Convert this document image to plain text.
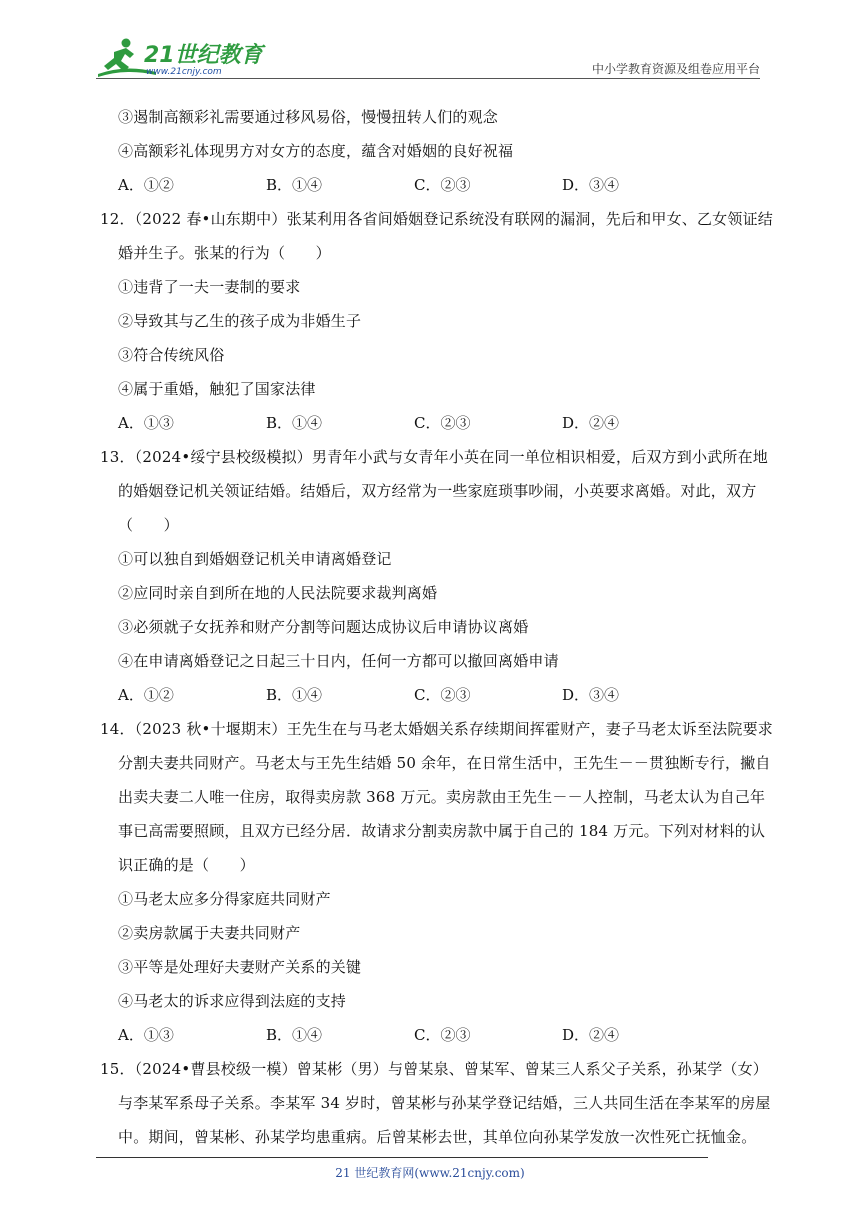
21世纪教育
www.21cnjy.com	中小学教育资源及组卷应用平台
③遏制高额彩礼需要通过移风易俗，慢慢扭转人们的观念
④高额彩礼体现男方对女方的态度，蕴含对婚姻的良好祝福
A．①②	B．①④	C．②③	D．③④
12．（2022 春•山东期中）张某利用各省间婚姻登记系统没有联网的漏洞，先后和甲女、乙女领证结
婚并生子。张某的行为（　　）
①违背了一夫一妻制的要求
②导致其与乙生的孩子成为非婚生子
③符合传统风俗
④属于重婚，触犯了国家法律
A．①③	B．①④	C．②③	D．②④
13．（2024•绥宁县校级模拟）男青年小武与女青年小英在同一单位相识相爱，后双方到小武所在地
的婚姻登记机关领证结婚。结婚后，双方经常为一些家庭琐事吵闹，小英要求离婚。对此，双方
（　　）
①可以独自到婚姻登记机关申请离婚登记
②应同时亲自到所在地的人民法院要求裁判离婚
③必须就子女抚养和财产分割等问题达成协议后申请协议离婚
④在申请离婚登记之日起三十日内，任何一方都可以撤回离婚申请
A．①②	B．①④	C．②③	D．③④
14．（2023 秋•十堰期末）王先生在与马老太婚姻关系存续期间挥霍财产，妻子马老太诉至法院要求
分割夫妻共同财产。马老太与王先生结婚 50 余年，在日常生活中，王先生－－贯独断专行，撇自
出卖夫妻二人唯一住房，取得卖房款 368 万元。卖房款由王先生－－人控制，马老太认为自己年
事已高需要照顾，且双方已经分居．故请求分割卖房款中属于自己的 184 万元。下列对材料的认
识正确的是（　　）
①马老太应多分得家庭共同财产
②卖房款属于夫妻共同财产
③平等是处理好夫妻财产关系的关键
④马老太的诉求应得到法庭的支持
A．①③	B．①④	C．②③	D．②④
15．（2024•曹县校级一模）曾某彬（男）与曾某泉、曾某军、曾某三人系父子关系，孙某学（女）
与李某军系母子关系。李某军 34 岁时，曾某彬与孙某学登记结婚，三人共同生活在李某军的房屋
中。期间，曾某彬、孙某学均患重病。后曾某彬去世，其单位向孙某学发放一次性死亡抚恤金。
21 世纪教育网(www.21cnjy.com)
